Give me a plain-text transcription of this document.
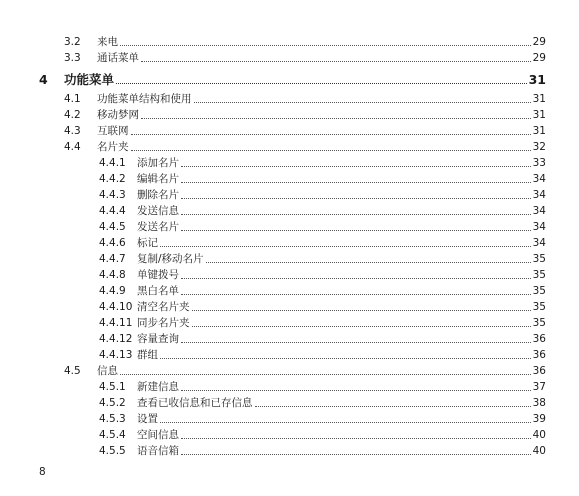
3.2 来电	29
3.3 通话菜单	29
4 功能菜单	31
4.1 功能菜单结构和使用	31
4.2 移动梦网	31
4.3 互联网	31
4.4 名片夹	32
4.4.1 添加名片	33
4.4.2 编辑名片	34
4.4.3 删除名片	34
4.4.4 发送信息	34
4.4.5 发送名片	34
4.4.6 标记	34
4.4.7 复制/移动名片	35
4.4.8 单键拨号	35
4.4.9 黑白名单	35
4.4.10 清空名片夹	35
4.4.11 同步名片夹	35
4.4.12 容量查询	36
4.4.13 群组	36
4.5 信息	36
4.5.1 新建信息	37
4.5.2 查看已收信息和已存信息	38
4.5.3 设置	39
4.5.4 空间信息	40
4.5.5 语音信箱	40
8
